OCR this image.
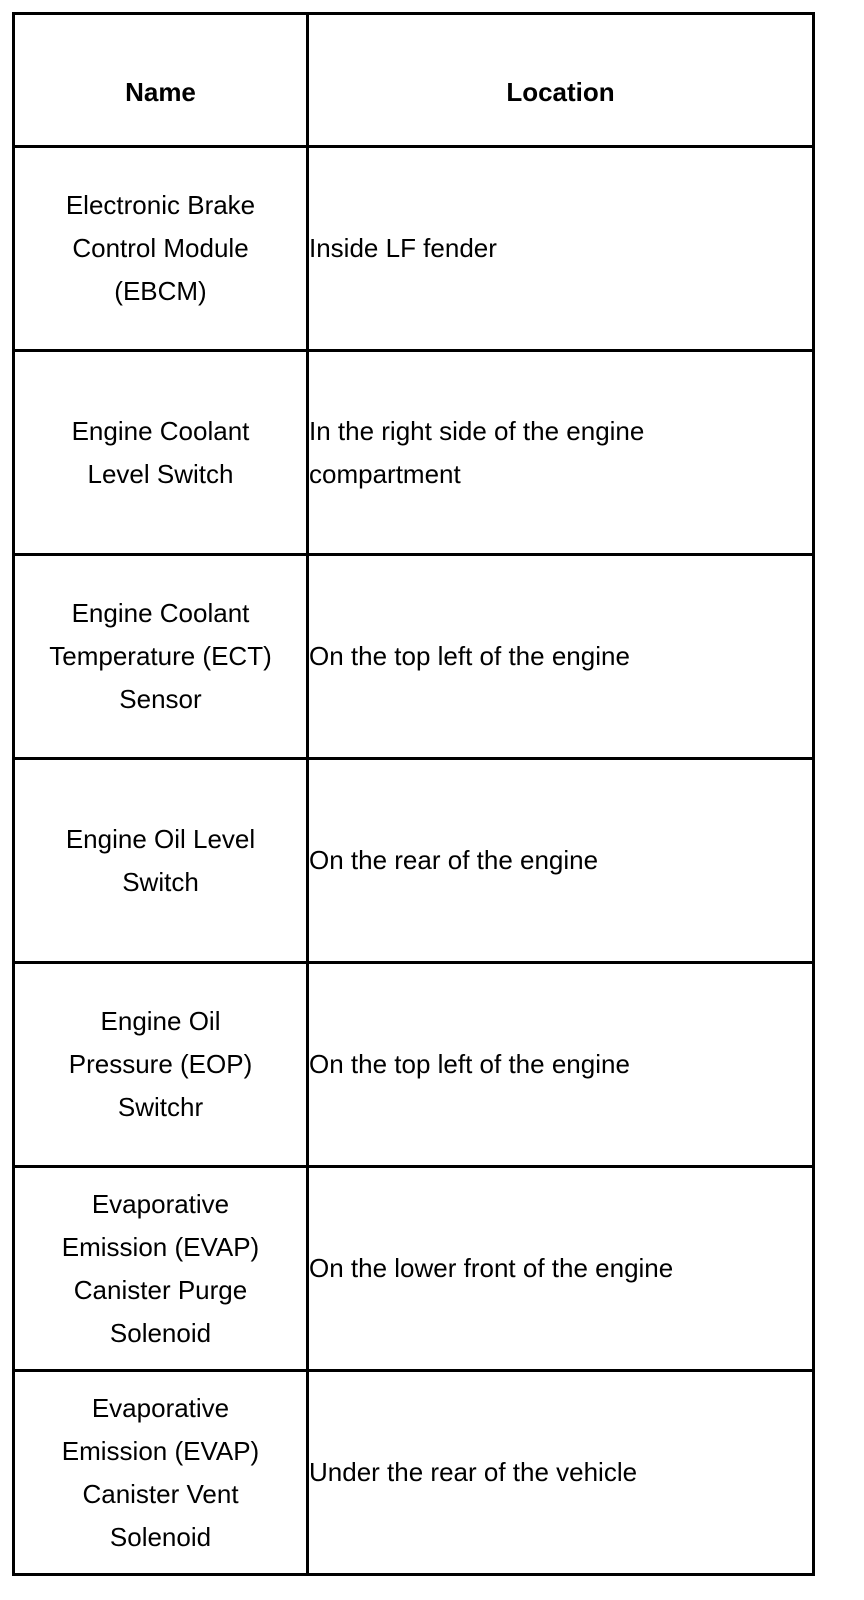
Name	Location

Electronic Brake
Control Module
(EBCM)	Inside LF fender

Engine Coolant
Level Switch	In the right side of the engine
compartment

Engine Coolant
Temperature (ECT)
Sensor	On the top left of the engine

Engine Oil Level
Switch	On the rear of the engine

Engine Oil
Pressure (EOP)
Switchr	On the top left of the engine

Evaporative
Emission (EVAP)
Canister Purge
Solenoid	On the lower front of the engine

Evaporative
Emission (EVAP)
Canister Vent
Solenoid	Under the rear of the vehicle
